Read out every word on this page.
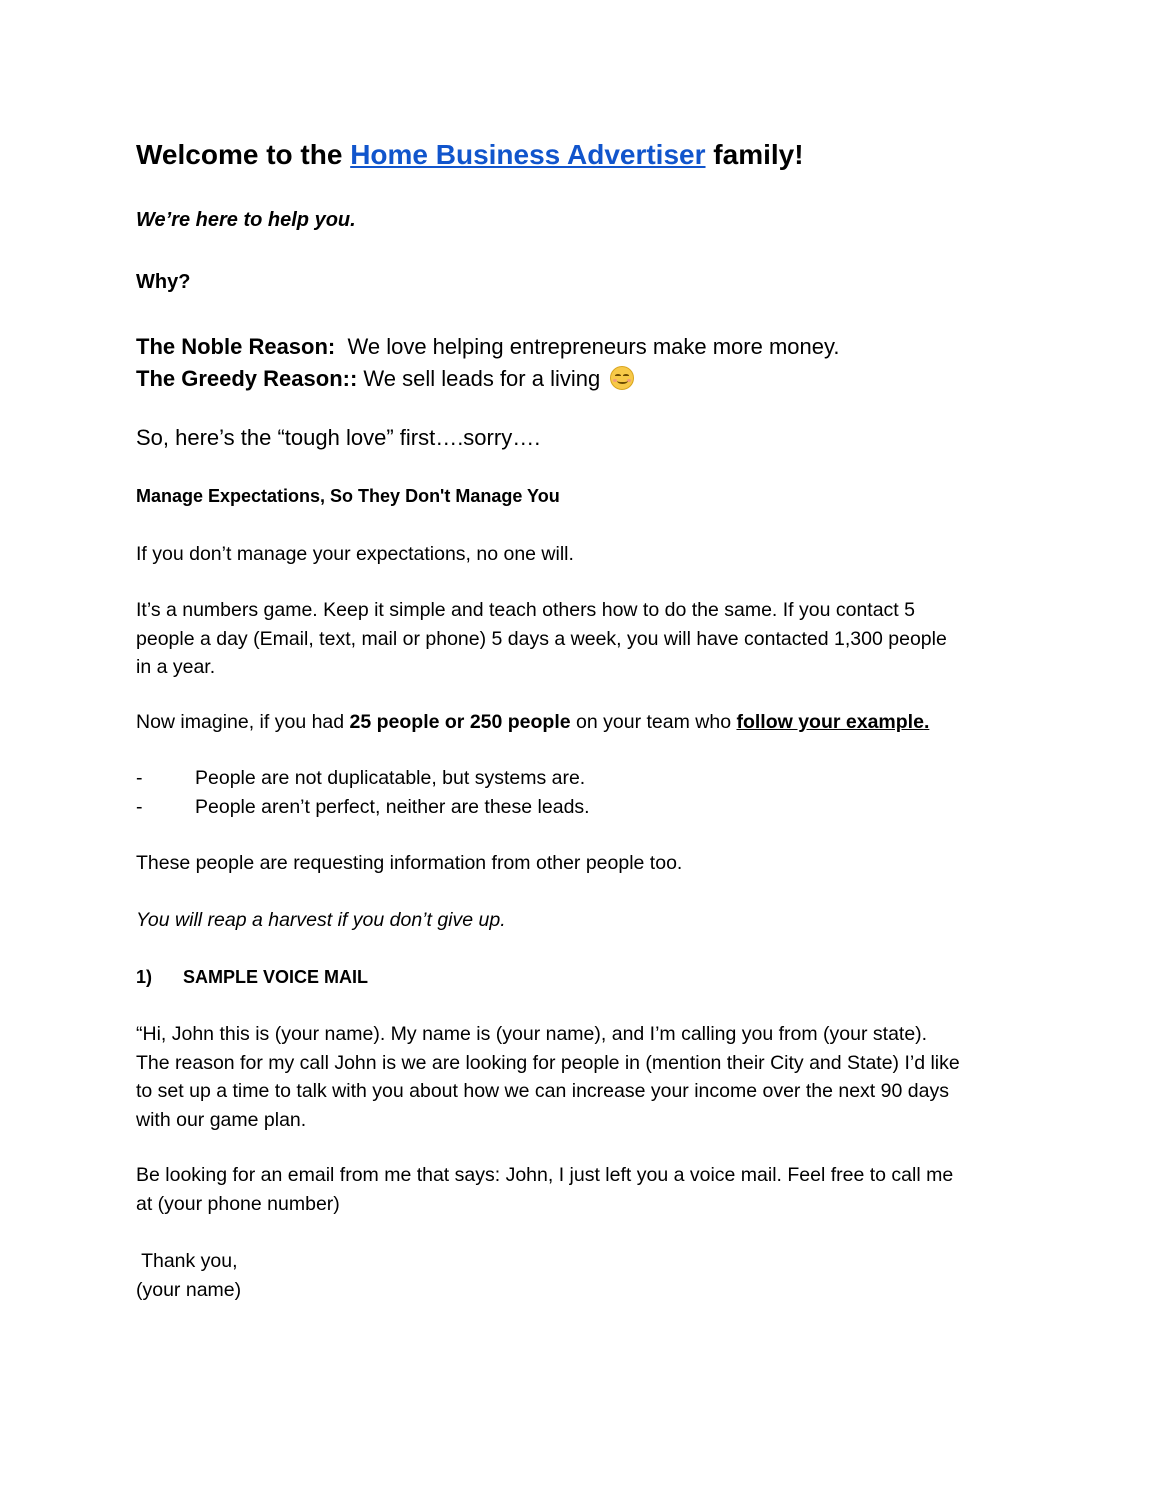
Welcome to the Home Business Advertiser family!

We’re here to help you.

Why?

The Noble Reason: We love helping entrepreneurs make more money.
The Greedy Reason:: We sell leads for a living

So, here’s the “tough love” first….sorry….

Manage Expectations, So They Don't Manage You

If you don’t manage your expectations, no one will.

It’s a numbers game. Keep it simple and teach others how to do the same. If you contact 5
people a day (Email, text, mail or phone) 5 days a week, you will have contacted 1,300 people
in a year.

Now imagine, if you had 25 people or 250 people on your team who follow your example.

-	People are not duplicatable, but systems are.
-	People aren’t perfect, neither are these leads.

These people are requesting information from other people too.

You will reap a harvest if you don’t give up.

1) SAMPLE VOICE MAIL
“Hi, John this is (your name). My name is (your name), and I’m calling you from (your state).
The reason for my call John is we are looking for people in (mention their City and State) I’d like
to set up a time to talk with you about how we can increase your income over the next 90 days
with our game plan.
Be looking for an email from me that says: John, I just left you a voice mail. Feel free to call me
at (your phone number)
Thank you,
(your name)
